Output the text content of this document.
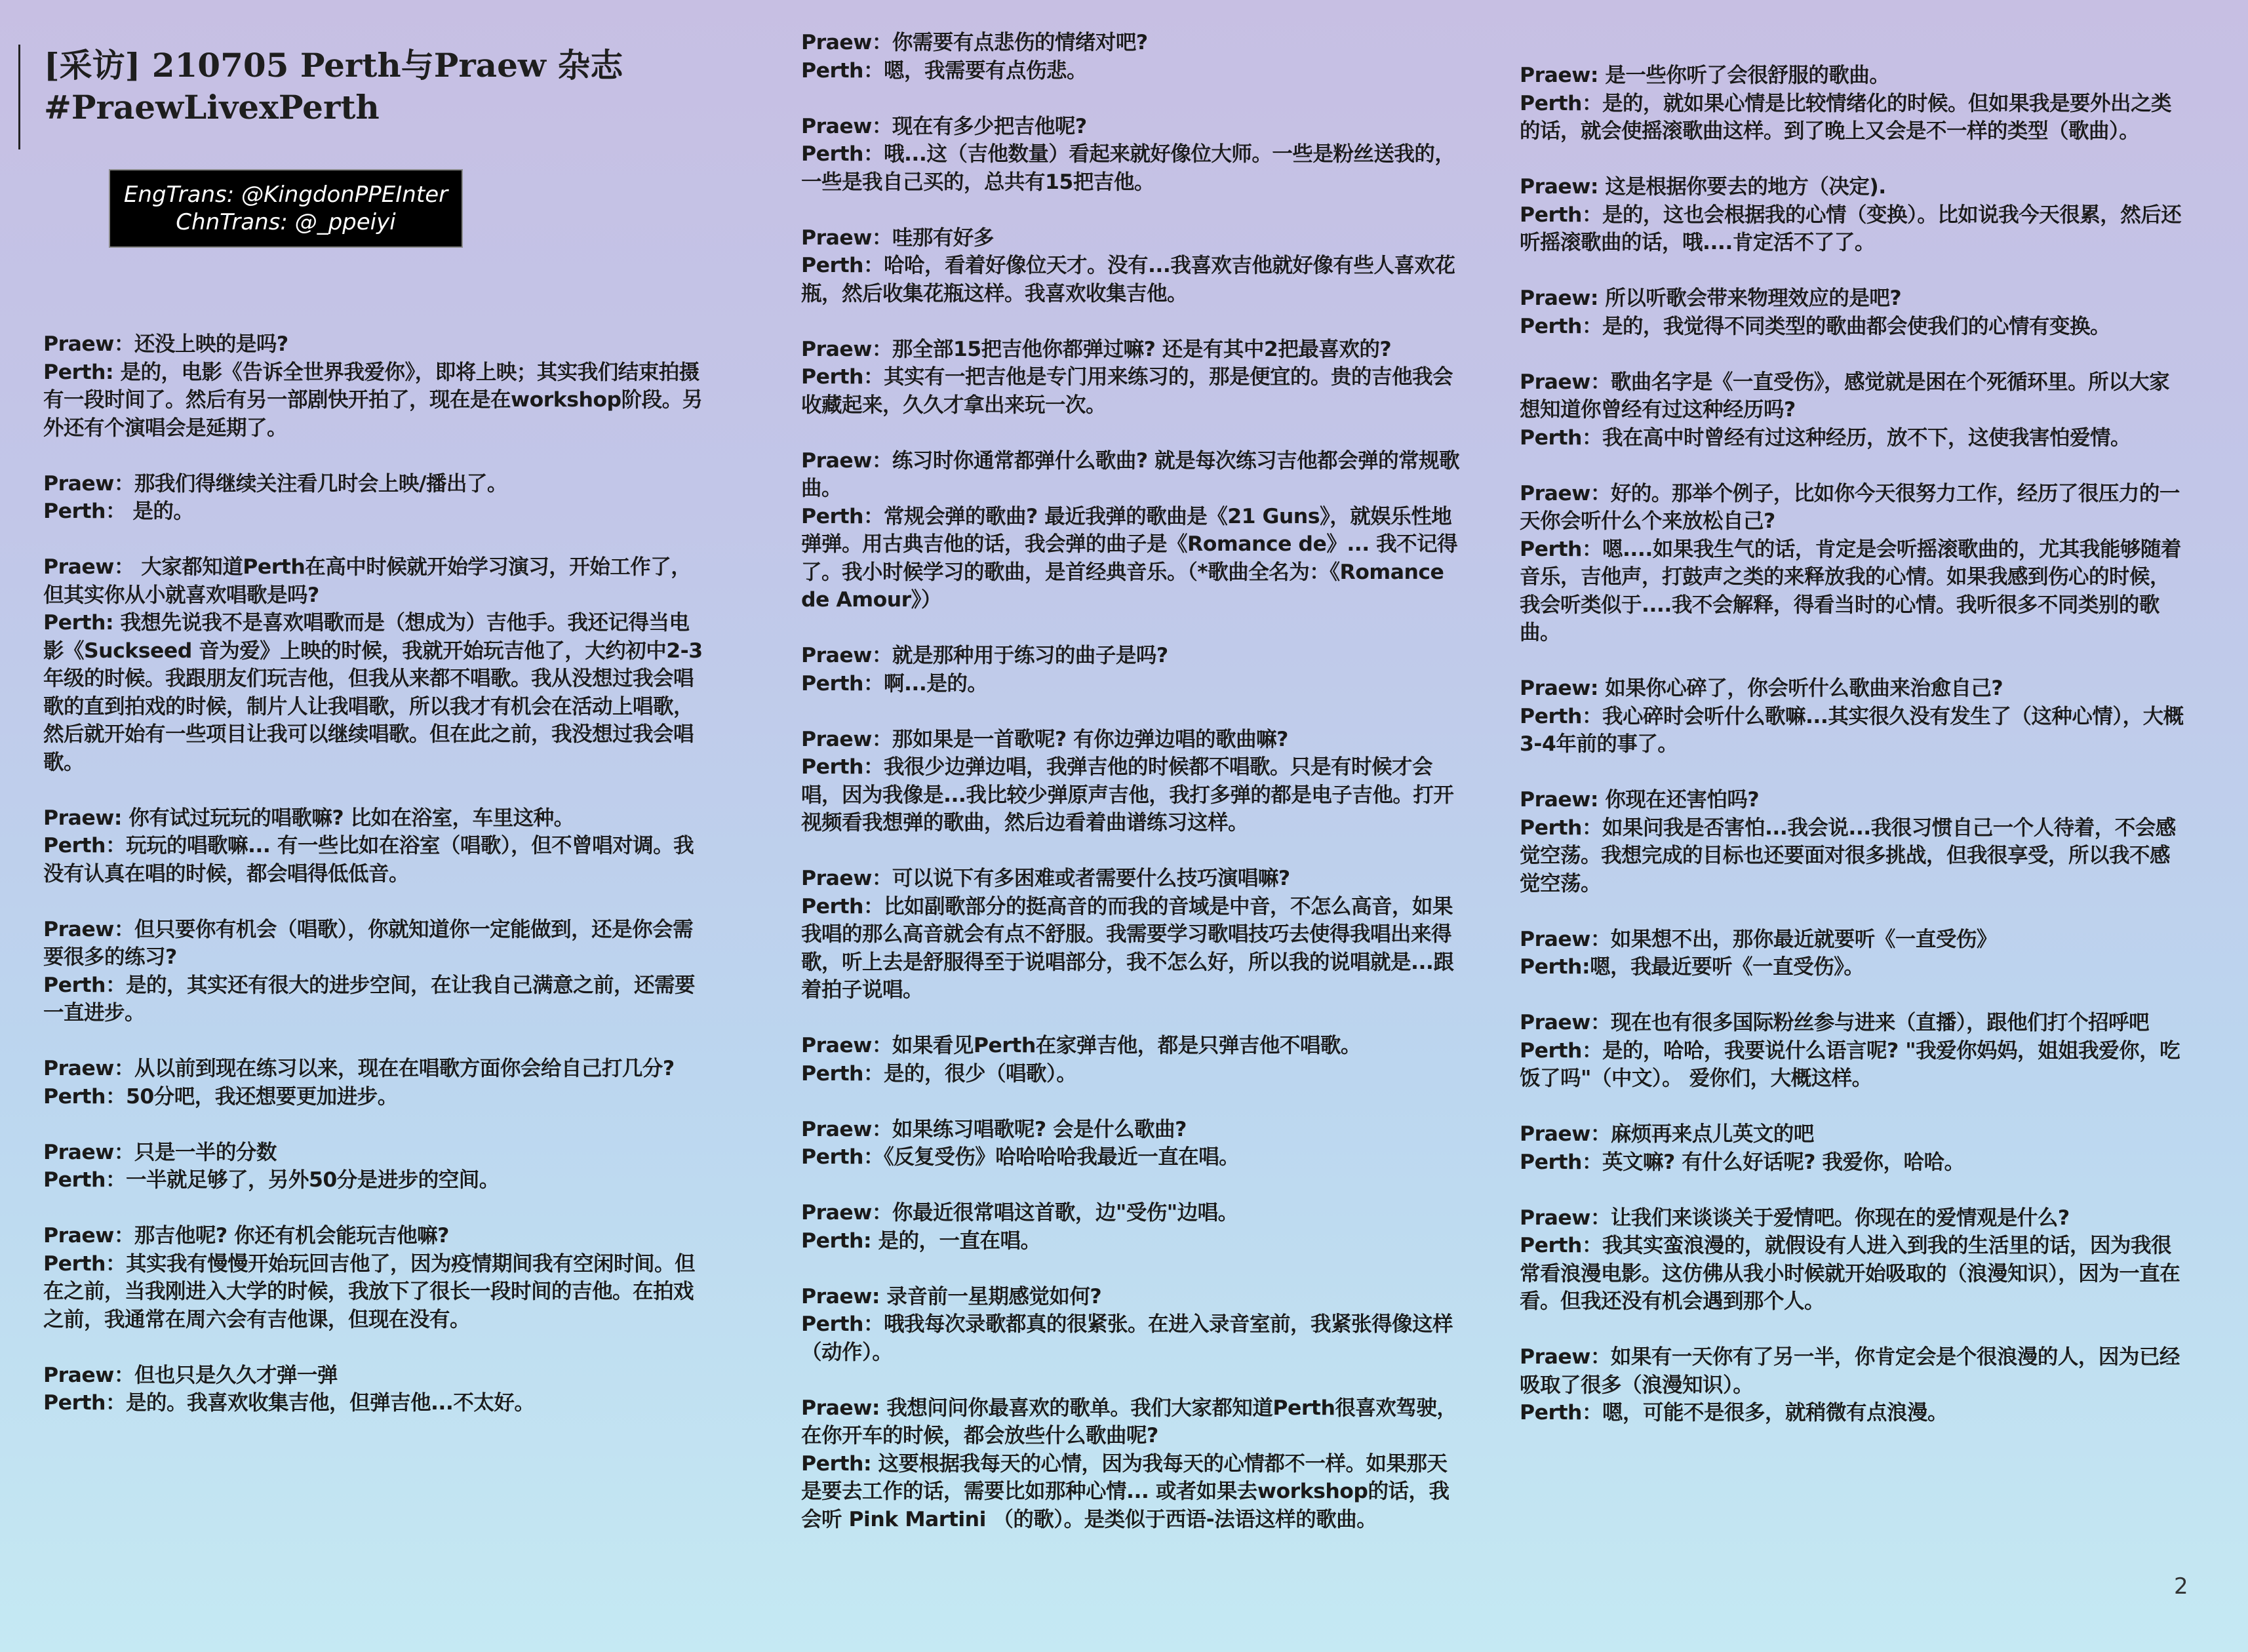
[采访] 210705 Perth与Praew 杂志
#PraewLivexPerth
EngTrans: @KingdonPPEInter
ChnTrans: @_ppeiyi

Praew：还没上映的是吗?

Perth: 是的，电影《告诉全世界我爱你》，即将上映；其实我们结束拍摄有一段时间了。然后有另一部剧快开拍了，现在是在workshop阶段。另外还有个演唱会是延期了。

Praew：那我们得继续关注看几时会上映/播出了。

Perth： 是的。

Praew： 大家都知道Perth在高中时候就开始学习演习，开始工作了，但其实你从小就喜欢唱歌是吗?

Perth: 我想先说我不是喜欢唱歌而是（想成为）吉他手。我还记得当电影《Suckseed 音为爱》上映的时候，我就开始玩吉他了，大约初中2-3年级的时候。我跟朋友们玩吉他，但我从来都不唱歌。我从没想过我会唱歌的直到拍戏的时候，制片人让我唱歌，所以我才有机会在活动上唱歌，然后就开始有一些项目让我可以继续唱歌。但在此之前，我没想过我会唱歌。

Praew: 你有试过玩玩的唱歌嘛? 比如在浴室，车里这种。

Perth：玩玩的唱歌嘛... 有一些比如在浴室（唱歌），但不曾唱对调。我没有认真在唱的时候，都会唱得低低音。

Praew：但只要你有机会（唱歌），你就知道你一定能做到，还是你会需要很多的练习?

Perth：是的，其实还有很大的进步空间，在让我自己满意之前，还需要一直进步。

Praew：从以前到现在练习以来，现在在唱歌方面你会给自己打几分?

Perth：50分吧，我还想要更加进步。

Praew：只是一半的分数

Perth：一半就足够了，另外50分是进步的空间。

Praew：那吉他呢? 你还有机会能玩吉他嘛?

Perth：其实我有慢慢开始玩回吉他了，因为疫情期间我有空闲时间。但在之前，当我刚进入大学的时候，我放下了很长一段时间的吉他。在拍戏之前，我通常在周六会有吉他课，但现在没有。

Praew：但也只是久久才弹一弹

Perth：是的。我喜欢收集吉他，但弹吉他...不太好。

Praew：你需要有点悲伤的情绪对吧?

Perth：嗯，我需要有点伤悲。

Praew：现在有多少把吉他呢?

Perth：哦...这（吉他数量）看起来就好像位大师。一些是粉丝送我的，一些是我自己买的，总共有15把吉他。

Praew：哇那有好多

Perth：哈哈，看着好像位天才。没有...我喜欢吉他就好像有些人喜欢花瓶，然后收集花瓶这样。我喜欢收集吉他。

Praew：那全部15把吉他你都弹过嘛? 还是有其中2把最喜欢的?

Perth：其实有一把吉他是专门用来练习的，那是便宜的。贵的吉他我会收藏起来，久久才拿出来玩一次。

Praew：练习时你通常都弹什么歌曲? 就是每次练习吉他都会弹的常规歌曲。

Perth：常规会弹的歌曲? 最近我弹的歌曲是《21 Guns》，就娱乐性地弹弹。用古典吉他的话，我会弹的曲子是《Romance de》... 我不记得了。我小时候学习的歌曲，是首经典音乐。（*歌曲全名为：《Romance de Amour》）

Praew：就是那种用于练习的曲子是吗?

Perth：啊...是的。

Praew：那如果是一首歌呢? 有你边弹边唱的歌曲嘛?

Perth：我很少边弹边唱，我弹吉他的时候都不唱歌。只是有时候才会唱，因为我像是...我比较少弹原声吉他，我打多弹的都是电子吉他。打开视频看我想弹的歌曲，然后边看着曲谱练习这样。

Praew：可以说下有多困难或者需要什么技巧演唱嘛?

Perth：比如副歌部分的挺高音的而我的音域是中音，不怎么高音，如果我唱的那么高音就会有点不舒服。我需要学习歌唱技巧去使得我唱出来得歌，听上去是舒服得至于说唱部分，我不怎么好，所以我的说唱就是...跟着拍子说唱。

Praew：如果看见Perth在家弹吉他，都是只弹吉他不唱歌。

Perth：是的，很少（唱歌）。

Praew：如果练习唱歌呢? 会是什么歌曲?

Perth：《反复受伤》哈哈哈哈我最近一直在唱。

Praew：你最近很常唱这首歌，边"受伤"边唱。

Perth: 是的，一直在唱。

Praew: 录音前一星期感觉如何?

Perth：哦我每次录歌都真的很紧张。在进入录音室前，我紧张得像这样（动作）。

Praew: 我想问问你最喜欢的歌单。我们大家都知道Perth很喜欢驾驶，在你开车的时候，都会放些什么歌曲呢?

Perth: 这要根据我每天的心情，因为我每天的心情都不一样。如果那天是要去工作的话，需要比如那种心情... 或者如果去workshop的话，我会听 Pink Martini （的歌）。是类似于西语-法语这样的歌曲。

Praew: 是一些你听了会很舒服的歌曲。

Perth：是的，就如果心情是比较情绪化的时候。但如果我是要外出之类的话，就会使摇滚歌曲这样。到了晚上又会是不一样的类型（歌曲）。

Praew: 这是根据你要去的地方（决定).

Perth：是的，这也会根据我的心情（变换）。比如说我今天很累，然后还听摇滚歌曲的话，哦....肯定活不了了。

Praew: 所以听歌会带来物理效应的是吧?

Perth：是的，我觉得不同类型的歌曲都会使我们的心情有变换。

Praew：歌曲名字是《一直受伤》，感觉就是困在个死循环里。所以大家想知道你曾经有过这种经历吗?

Perth：我在高中时曾经有过这种经历，放不下，这使我害怕爱情。

Praew：好的。那举个例子，比如你今天很努力工作，经历了很压力的一天你会听什么个来放松自己?

Perth：嗯....如果我生气的话，肯定是会听摇滚歌曲的，尤其我能够随着音乐，吉他声，打鼓声之类的来释放我的心情。如果我感到伤心的时候，我会听类似于....我不会解释，得看当时的心情。我听很多不同类别的歌曲。

Praew: 如果你心碎了，你会听什么歌曲来治愈自己?

Perth：我心碎时会听什么歌嘛...其实很久没有发生了（这种心情），大概3-4年前的事了。

Praew: 你现在还害怕吗?

Perth：如果问我是否害怕...我会说...我很习惯自己一个人待着，不会感觉空荡。我想完成的目标也还要面对很多挑战，但我很享受，所以我不感觉空荡。

Praew：如果想不出，那你最近就要听《一直受伤》

Perth:嗯，我最近要听《一直受伤》。

Praew：现在也有很多国际粉丝参与进来（直播），跟他们打个招呼吧

Perth：是的，哈哈，我要说什么语言呢? "我爱你妈妈，姐姐我爱你，吃饭了吗"（中文）。 爱你们，大概这样。

Praew：麻烦再来点儿英文的吧

Perth：英文嘛? 有什么好话呢? 我爱你，哈哈。

Praew：让我们来谈谈关于爱情吧。你现在的爱情观是什么?

Perth：我其实蛮浪漫的，就假设有人进入到我的生活里的话，因为我很常看浪漫电影。这仿佛从我小时候就开始吸取的（浪漫知识），因为一直在看。但我还没有机会遇到那个人。

Praew：如果有一天你有了另一半，你肯定会是个很浪漫的人，因为已经吸取了很多（浪漫知识）。

Perth：嗯，可能不是很多，就稍微有点浪漫。

2
